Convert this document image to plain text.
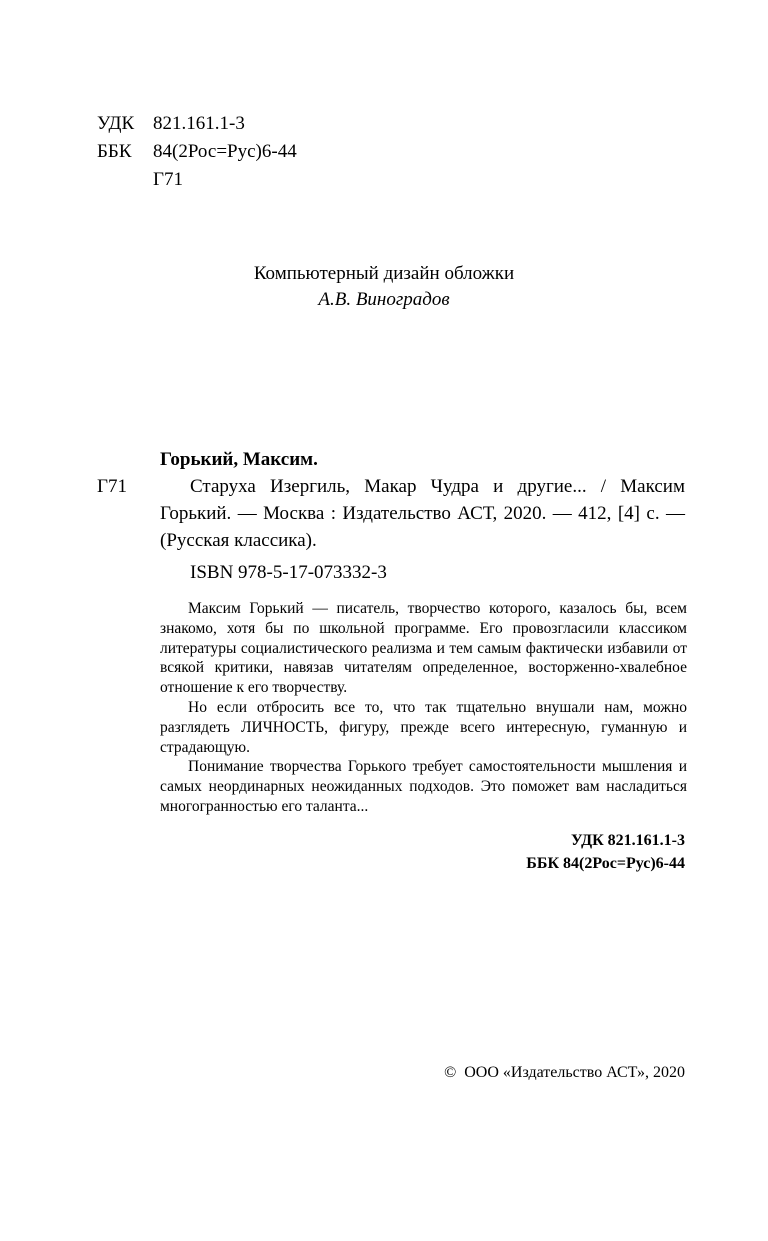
УДК 821.161.1-3
ББК 84(2Рос=Рус)6-44
Г71
Компьютерный дизайн обложки
А.В. Виноградов
Г71
Горький, Максим.
Старуха Изергиль, Макар Чудра и другие... / Максим Горький. — Москва : Издательство АСТ, 2020. — 412, [4] с. — (Русская классика).
ISBN 978-5-17-073332-3

Максим Горький — писатель, творчество которого, казалось бы, всем знакомо, хотя бы по школьной программе. Его провозгласили классиком литературы социалистического реализма и тем самым фактически избавили от всякой критики, навязав читателям определенное, восторженно-хвалебное отношение к его творчеству.

Но если отбросить все то, что так тщательно внушали нам, можно разглядеть ЛИЧНОСТЬ, фигуру, прежде всего интересную, гуманную и страдающую.

Понимание творчества Горького требует самостоятельности мышления и самых неординарных неожиданных подходов. Это поможет вам насладиться многогранностью его таланта...

УДК 821.161.1-3
ББК 84(2Рос=Рус)6-44
©  ООО «Издательство АСТ», 2020
